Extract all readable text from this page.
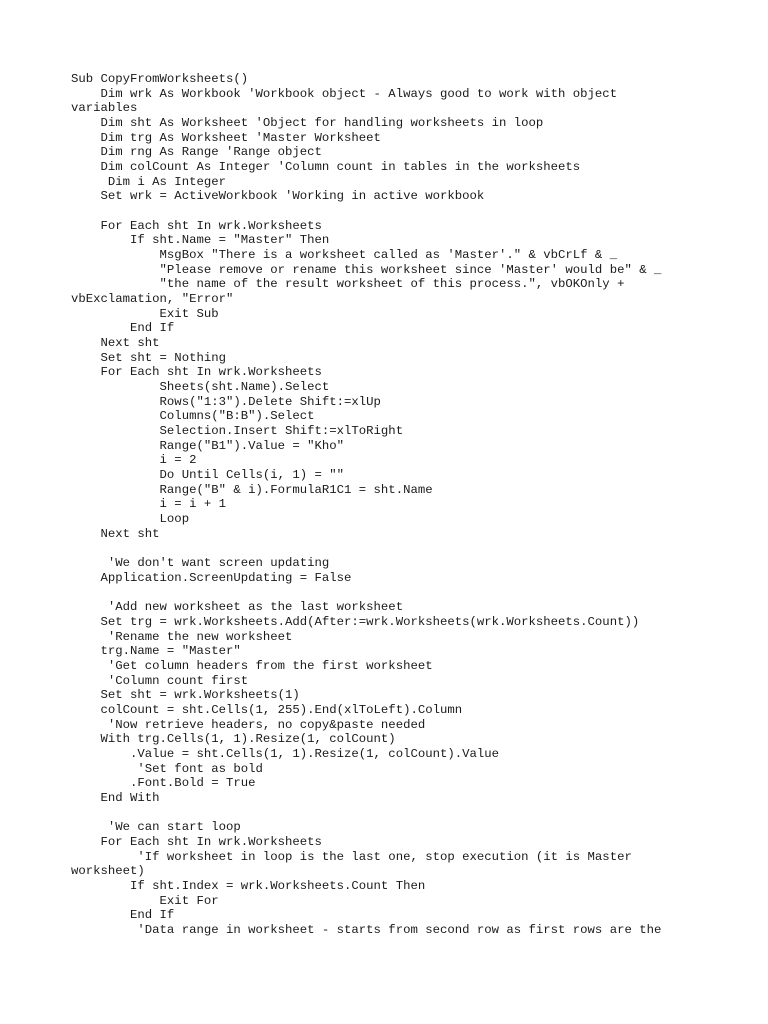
Sub CopyFromWorksheets()
Dim wrk As Workbook 'Workbook object - Always good to work with object
variables
Dim sht As Worksheet 'Object for handling worksheets in loop
Dim trg As Worksheet 'Master Worksheet
Dim rng As Range 'Range object
Dim colCount As Integer 'Column count in tables in the worksheets
Dim i As Integer
Set wrk = ActiveWorkbook 'Working in active workbook
For Each sht In wrk.Worksheets
If sht.Name = "Master" Then
MsgBox "There is a worksheet called as 'Master'." & vbCrLf & _
"Please remove or rename this worksheet since 'Master' would be" & _
"the name of the result worksheet of this process.", vbOKOnly +
vbExclamation, "Error"
Exit Sub
End If
Next sht
Set sht = Nothing
For Each sht In wrk.Worksheets
Sheets(sht.Name).Select
Rows("1:3").Delete Shift:=xlUp
Columns("B:B").Select
Selection.Insert Shift:=xlToRight
Range("B1").Value = "Kho"
i = 2
Do Until Cells(i, 1) = ""
Range("B" & i).FormulaR1C1 = sht.Name
i = i + 1
Loop
Next sht
'We don't want screen updating
Application.ScreenUpdating = False
'Add new worksheet as the last worksheet
Set trg = wrk.Worksheets.Add(After:=wrk.Worksheets(wrk.Worksheets.Count))
'Rename the new worksheet
trg.Name = "Master"
'Get column headers from the first worksheet
'Column count first
Set sht = wrk.Worksheets(1)
colCount = sht.Cells(1, 255).End(xlToLeft).Column
'Now retrieve headers, no copy&paste needed
With trg.Cells(1, 1).Resize(1, colCount)
.Value = sht.Cells(1, 1).Resize(1, colCount).Value
'Set font as bold
.Font.Bold = True
End With
'We can start loop
For Each sht In wrk.Worksheets
'If worksheet in loop is the last one, stop execution (it is Master
worksheet)
If sht.Index = wrk.Worksheets.Count Then
Exit For
End If
'Data range in worksheet - starts from second row as first rows are the
